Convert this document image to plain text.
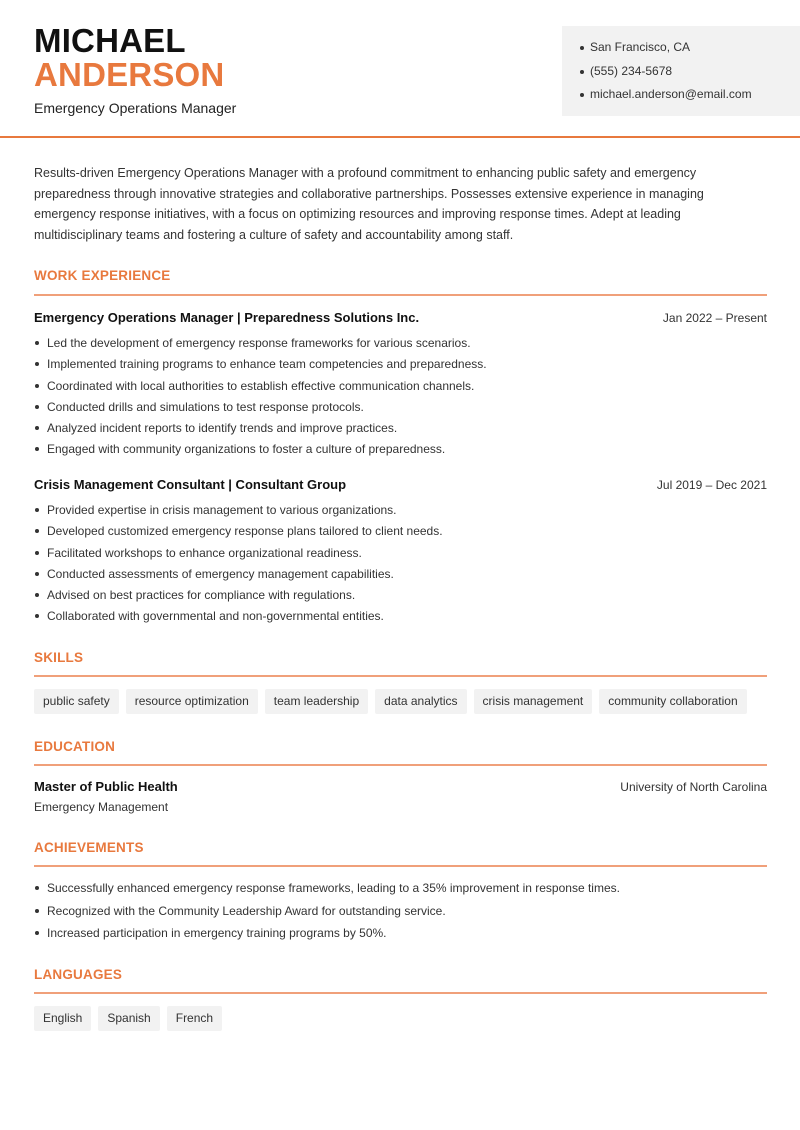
MICHAEL
ANDERSON
Emergency Operations Manager
San Francisco, CA
(555) 234-5678
michael.anderson@email.com

Results-driven Emergency Operations Manager with a profound commitment to enhancing public safety and emergency preparedness through innovative strategies and collaborative partnerships. Possesses extensive experience in managing emergency response initiatives, with a focus on optimizing resources and improving response times. Adept at leading multidisciplinary teams and fostering a culture of safety and accountability among staff.

WORK EXPERIENCE
Emergency Operations Manager | Preparedness Solutions Inc.	Jan 2022 – Present
Led the development of emergency response frameworks for various scenarios.
Implemented training programs to enhance team competencies and preparedness.
Coordinated with local authorities to establish effective communication channels.
Conducted drills and simulations to test response protocols.
Analyzed incident reports to identify trends and improve practices.
Engaged with community organizations to foster a culture of preparedness.
Crisis Management Consultant | Consultant Group	Jul 2019 – Dec 2021
Provided expertise in crisis management to various organizations.
Developed customized emergency response plans tailored to client needs.
Facilitated workshops to enhance organizational readiness.
Conducted assessments of emergency management capabilities.
Advised on best practices for compliance with regulations.
Collaborated with governmental and non-governmental entities.
SKILLS
public safety	resource optimization	team leadership	data analytics	crisis management	community collaboration
EDUCATION
Master of Public Health	University of North Carolina
Emergency Management
ACHIEVEMENTS
Successfully enhanced emergency response frameworks, leading to a 35% improvement in response times.
Recognized with the Community Leadership Award for outstanding service.
Increased participation in emergency training programs by 50%.
LANGUAGES
English	Spanish	French
